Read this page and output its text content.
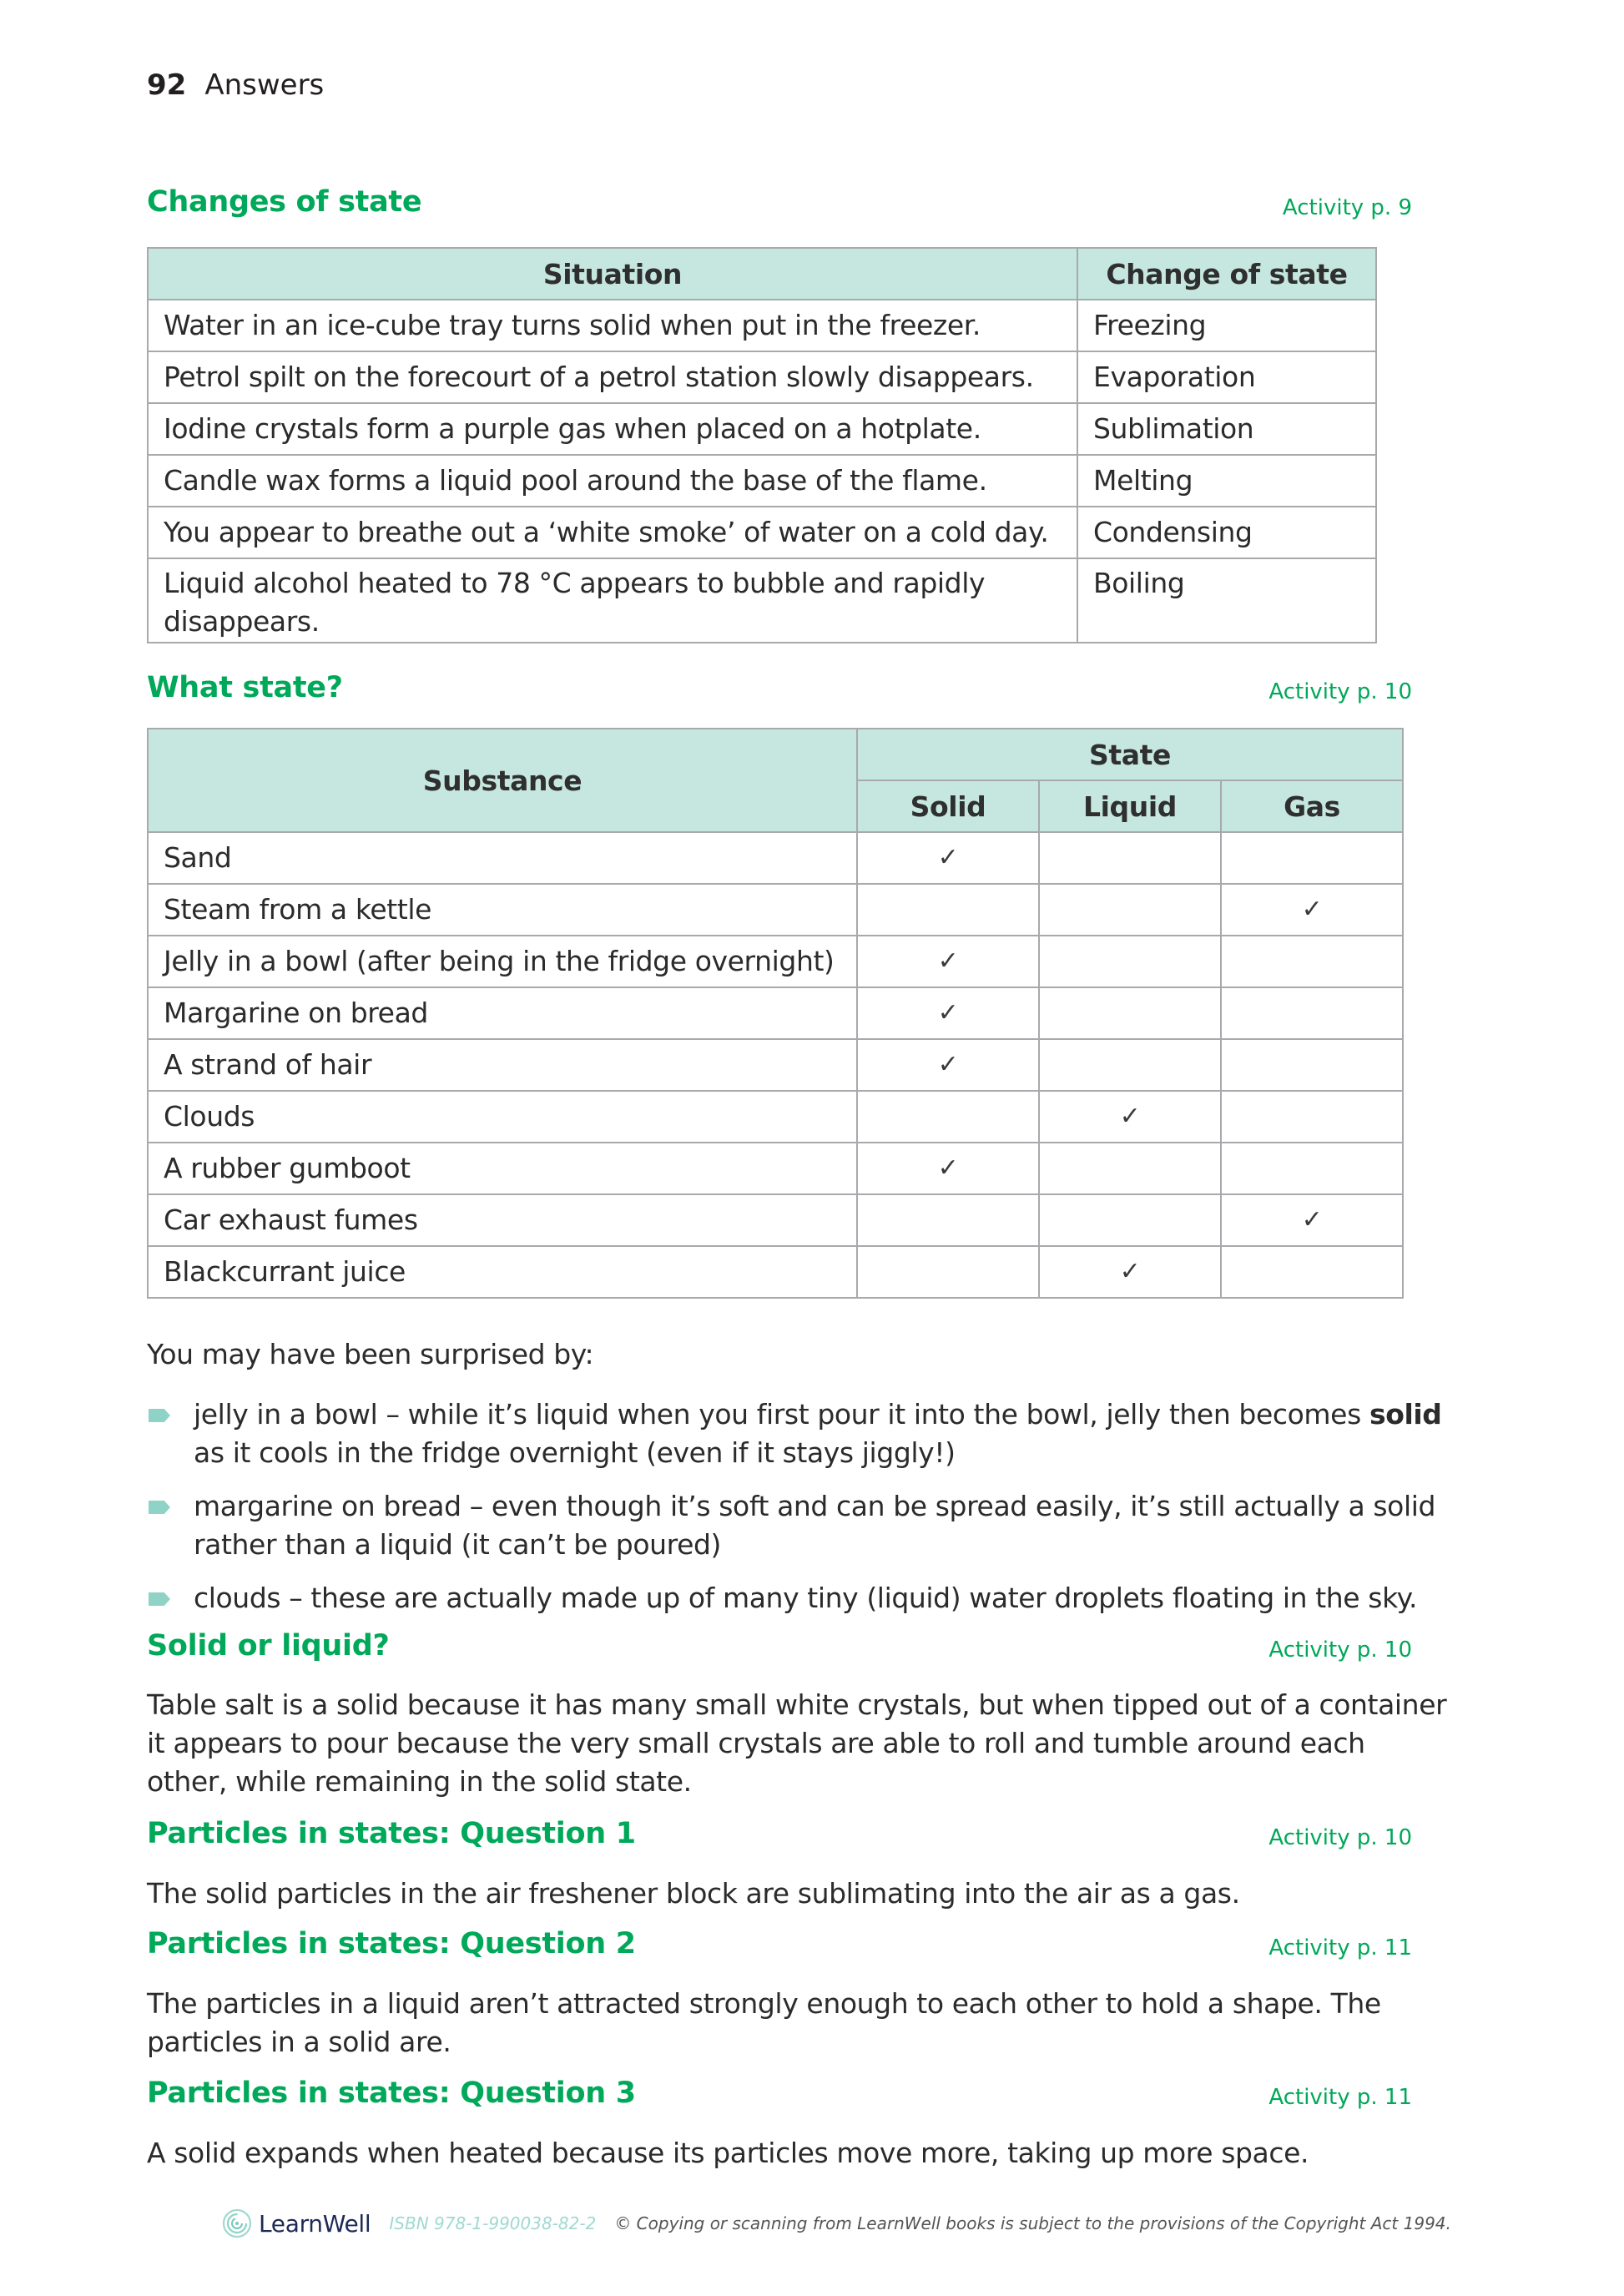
92 Answers
Changes of state	Activity p. 9
Situation	Change of state
Water in an ice-cube tray turns solid when put in the freezer.	Freezing
Petrol spilt on the forecourt of a petrol station slowly disappears.	Evaporation
Iodine crystals form a purple gas when placed on a hotplate.	Sublimation
Candle wax forms a liquid pool around the base of the flame.	Melting
You appear to breathe out a ‘white smoke’ of water on a cold day.	Condensing
Liquid alcohol heated to 78 °C appears to bubble and rapidly disappears.	Boiling
What state?	Activity p. 10
Substance	State		
	Solid	Liquid	Gas
Sand	✓		
Steam from a kettle			✓
Jelly in a bowl (after being in the fridge overnight)	✓		
Margarine on bread	✓		
A strand of hair	✓		
Clouds		✓	
A rubber gumboot	✓		
Car exhaust fumes			✓
Blackcurrant juice		✓	
You may have been surprised by:
jelly in a bowl – while it’s liquid when you first pour it into the bowl, jelly then becomes solid as it cools in the fridge overnight (even if it stays jiggly!)
margarine on bread – even though it’s soft and can be spread easily, it’s still actually a solid rather than a liquid (it can’t be poured)
clouds – these are actually made up of many tiny (liquid) water droplets floating in the sky.
Solid or liquid?	Activity p. 10
Table salt is a solid because it has many small white crystals, but when tipped out of a container it appears to pour because the very small crystals are able to roll and tumble around each other, while remaining in the solid state.
Particles in states: Question 1	Activity p. 10
The solid particles in the air freshener block are sublimating into the air as a gas.
Particles in states: Question 2	Activity p. 11
The particles in a liquid aren’t attracted strongly enough to each other to hold a shape. The particles in a solid are.
Particles in states: Question 3	Activity p. 11
A solid expands when heated because its particles move more, taking up more space.
LearnWell ISBN 978-1-990038-82-2 © Copying or scanning from LearnWell books is subject to the provisions of the Copyright Act 1994.
